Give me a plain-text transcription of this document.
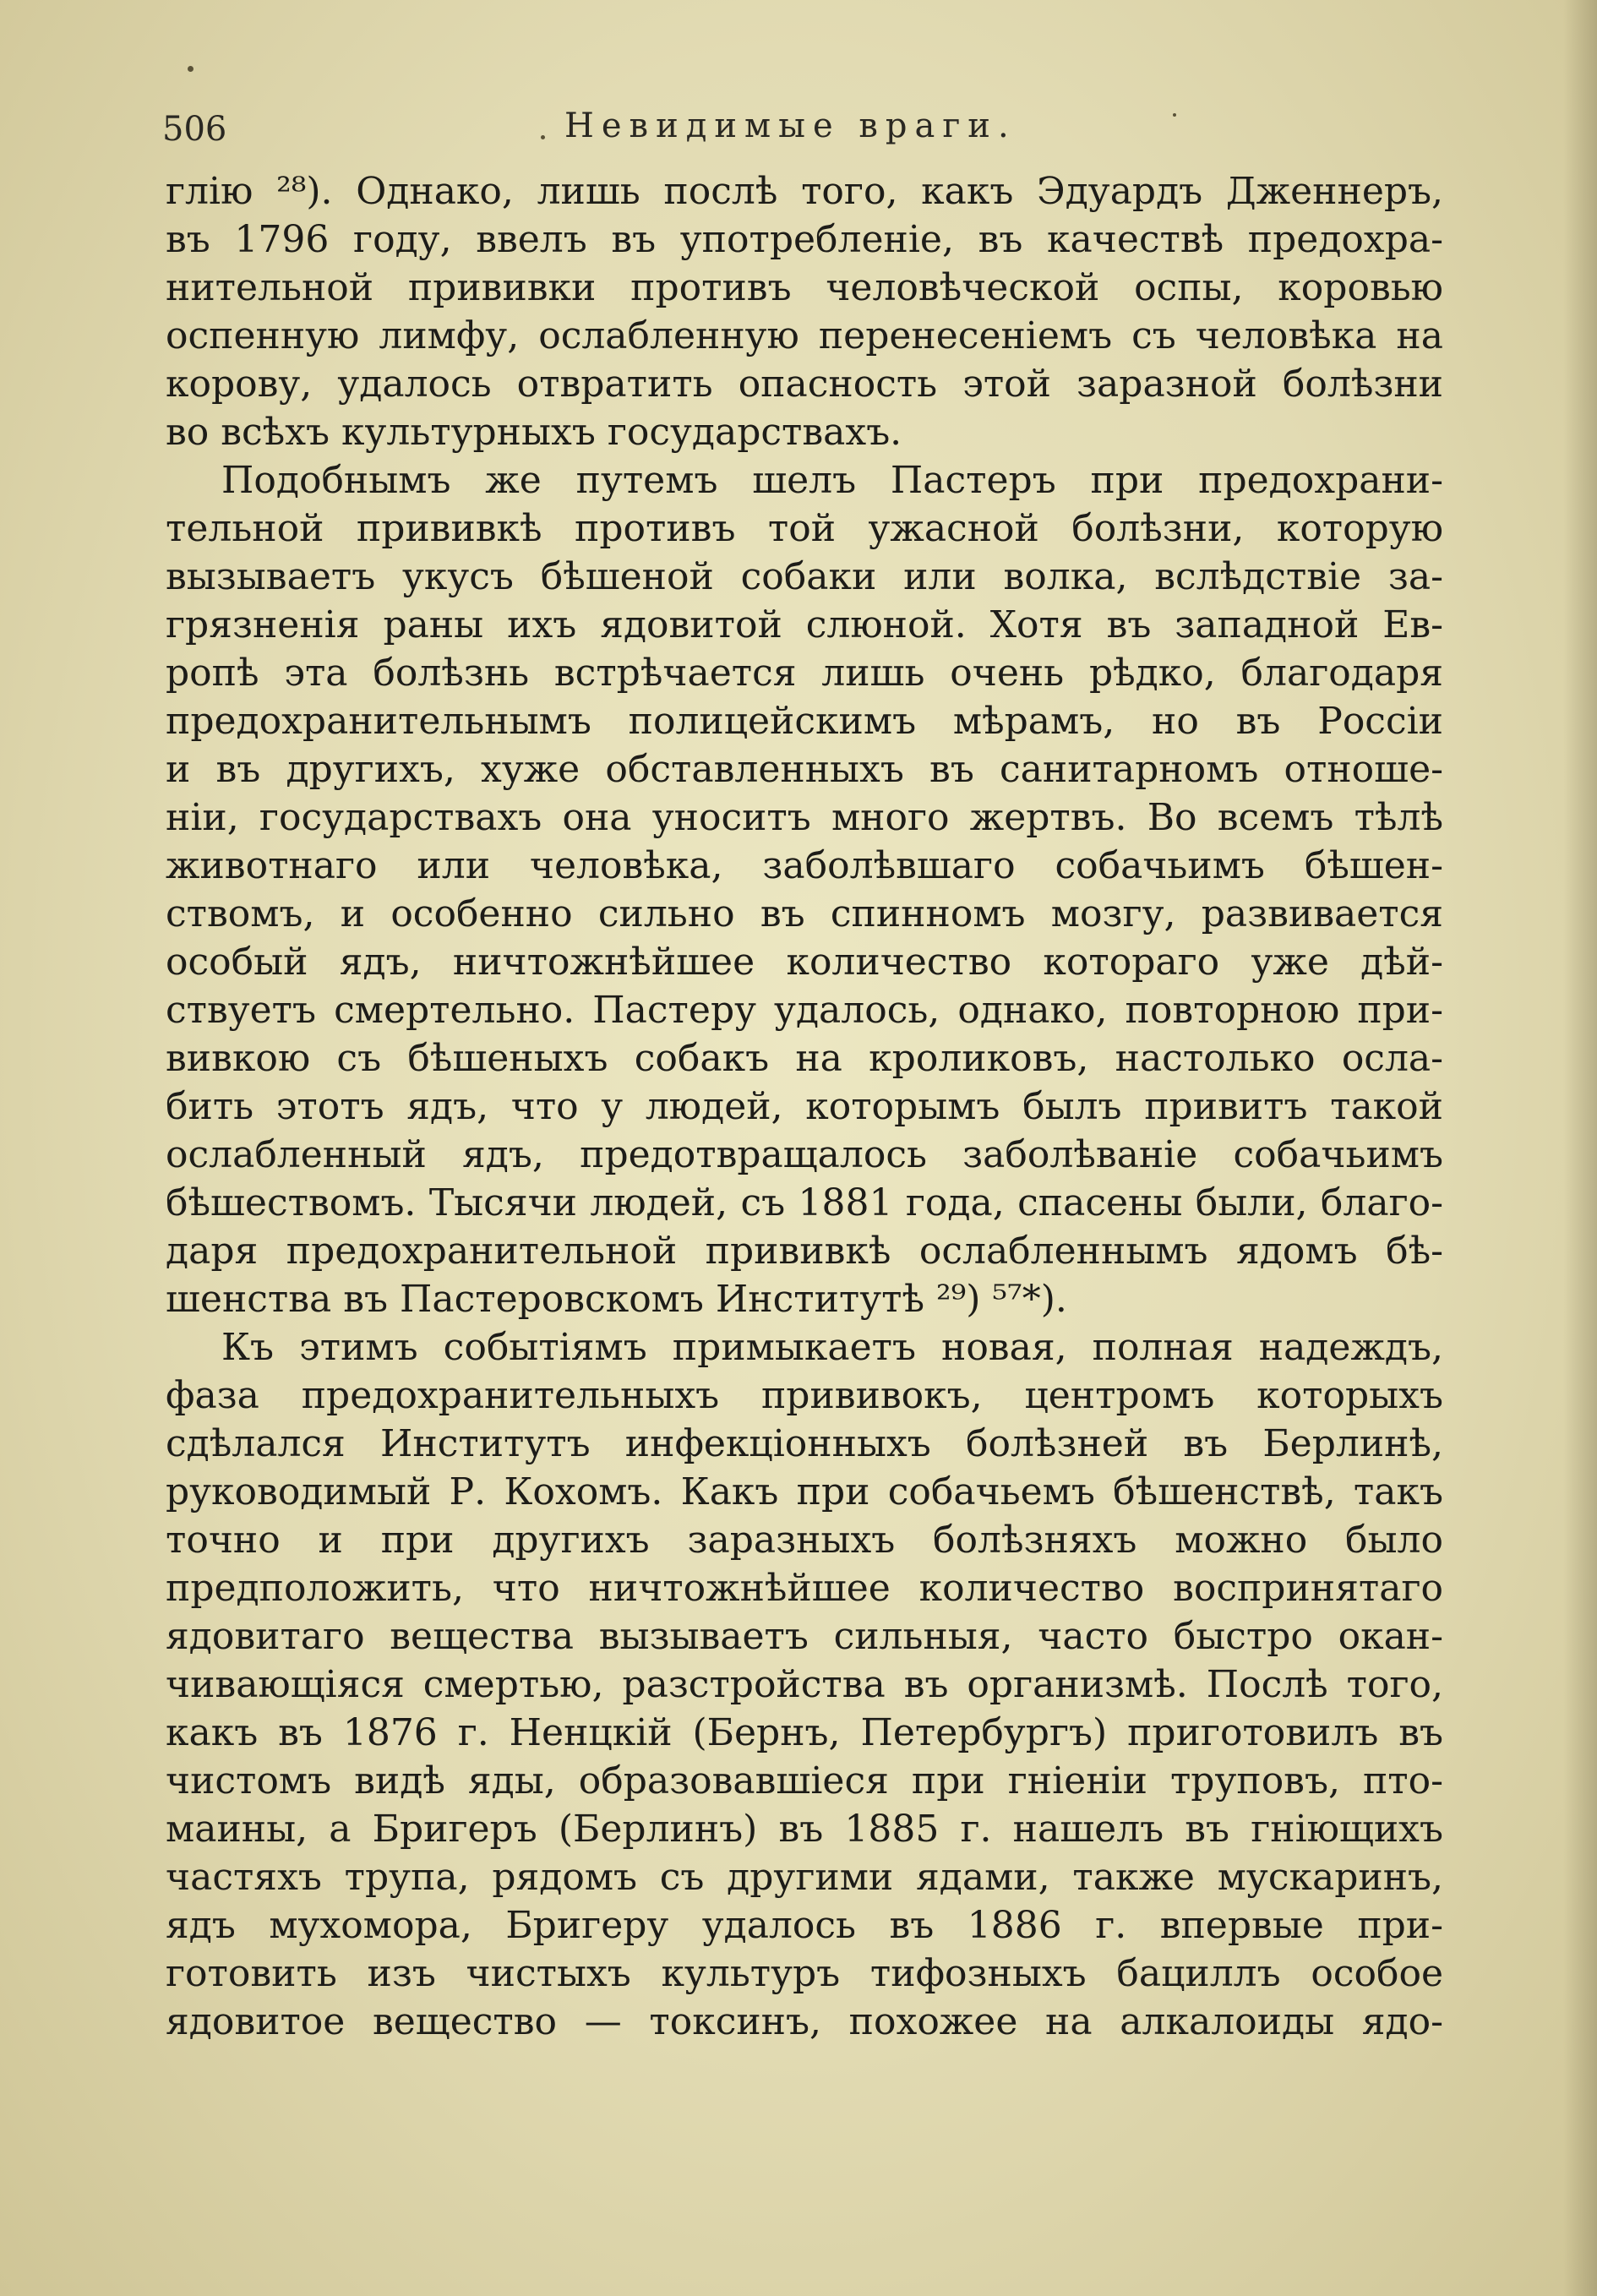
506	Невидимые враги.
глію ²⁸). Однако, лишь послѣ того, какъ Эдуардъ Дженнеръ,
въ 1796 году, ввелъ въ употребленіе, въ качествѣ предохра-
нительной прививки противъ человѣческой оспы, коровью
оспенную лимфу, ослабленную перенесеніемъ съ человѣка на
корову, удалось отвратить опасность этой заразной болѣзни
во всѣхъ культурныхъ государствахъ.
Подобнымъ же путемъ шелъ Пастеръ при предохрани-
тельной прививкѣ противъ той ужасной болѣзни, которую
вызываетъ укусъ бѣшеной собаки или волка, вслѣдствіе за-
грязненія раны ихъ ядовитой слюной. Хотя въ западной Ев-
ропѣ эта болѣзнь встрѣчается лишь очень рѣдко, благодаря
предохранительнымъ полицейскимъ мѣрамъ, но въ Россіи
и въ другихъ, хуже обставленныхъ въ санитарномъ отноше-
ніи, государствахъ она уноситъ много жертвъ. Во всемъ тѣлѣ
животнаго или человѣка, заболѣвшаго собачьимъ бѣшен-
ствомъ, и особенно сильно въ спинномъ мозгу, развивается
особый ядъ, ничтожнѣйшее количество котораго уже дѣй-
ствуетъ смертельно. Пастеру удалось, однако, повторною при-
вивкою съ бѣшеныхъ собакъ на кроликовъ, настолько осла-
бить этотъ ядъ, что у людей, которымъ былъ привитъ такой
ослабленный ядъ, предотвращалось заболѣваніе собачьимъ
бѣшествомъ. Тысячи людей, съ 1881 года, спасены были, благо-
даря предохранительной прививкѣ ослабленнымъ ядомъ бѣ-
шенства въ Пастеровскомъ Институтѣ ²⁹) ⁵⁷*).
Къ этимъ событіямъ примыкаетъ новая, полная надеждъ,
фаза предохранительныхъ прививокъ, центромъ которыхъ
сдѣлался Институтъ инфекціонныхъ болѣзней въ Берлинѣ,
руководимый Р. Кохомъ. Какъ при собачьемъ бѣшенствѣ, такъ
точно и при другихъ заразныхъ болѣзняхъ можно было
предположить, что ничтожнѣйшее количество воспринятаго
ядовитаго вещества вызываетъ сильныя, часто быстро окан-
чивающіяся смертью, разстройства въ организмѣ. Послѣ того,
какъ въ 1876 г. Ненцкій (Бернъ, Петербургъ) приготовилъ въ
чистомъ видѣ яды, образовавшіеся при гніеніи труповъ, пто-
маины, а Бригеръ (Берлинъ) въ 1885 г. нашелъ въ гніющихъ
частяхъ трупа, рядомъ съ другими ядами, также мускаринъ,
ядъ мухомора, Бригеру удалось въ 1886 г. впервые при-
готовить изъ чистыхъ культуръ тифозныхъ бациллъ особое
ядовитое вещество — токсинъ, похожее на алкалоиды ядо-
